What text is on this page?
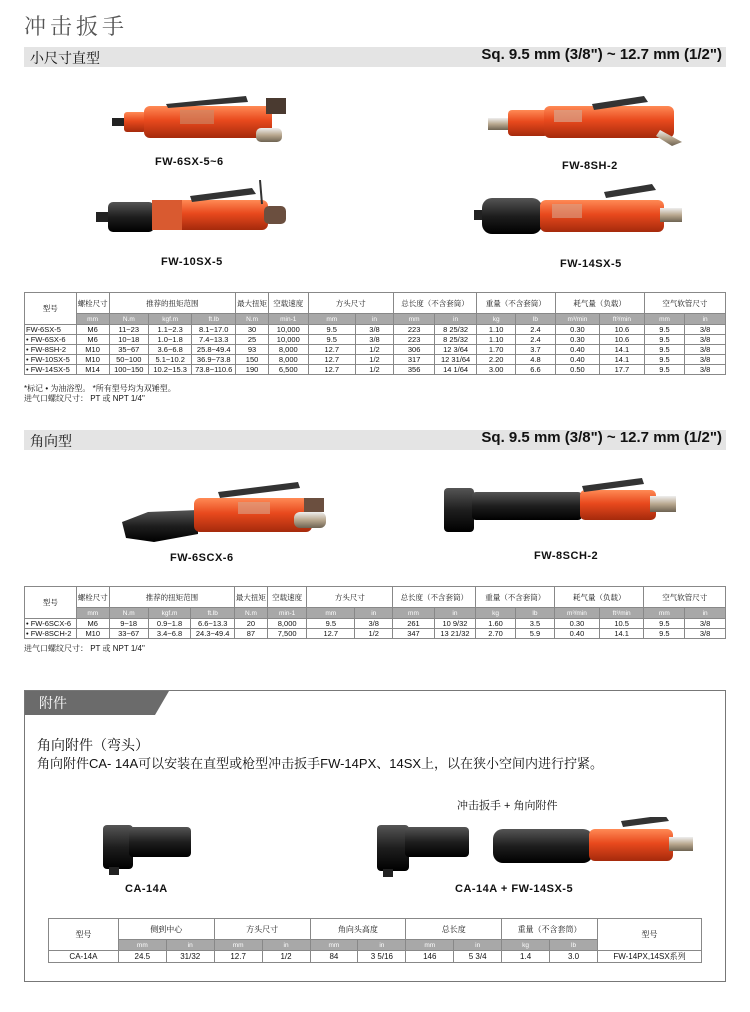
冲击扳手
小尺寸直型	Sq. 9.5 mm (3/8") ~ 12.7 mm (1/2")
FW-6SX-5~6	FW-8SH-2
FW-10SX-5	FW-14SX-5
型号	螺栓尺寸	推荐的扭矩范围			最大扭矩	空载速度	方头尺寸		总长度（不含套筒）		重量（不含套筒）		耗气量（负载）		空气软管尺寸	
	mm	N.m	kgf.m	ft.lb	N.m	min-1	mm	in	mm	in	kg	lb	m³/min	ft³/min	mm	in
FW-6SX-5	M6	11~23	1.1~2.3	8.1~17.0	30	10,000	9.5	3/8	223	8 25/32	1.10	2.4	0.30	10.6	9.5	3/8
• FW-6SX-6	M6	10~18	1.0~1.8	7.4~13.3	25	10,000	9.5	3/8	223	8 25/32	1.10	2.4	0.30	10.6	9.5	3/8
• FW-8SH-2	M10	35~67	3.6~6.8	25.8~49.4	93	8,000	12.7	1/2	306	12 3/64	1.70	3.7	0.40	14.1	9.5	3/8
• FW-10SX-5	M10	50~100	5.1~10.2	36.9~73.8	150	8,000	12.7	1/2	317	12 31/64	2.20	4.8	0.40	14.1	9.5	3/8
• FW-14SX-5	M14	100~150	10.2~15.3	73.8~110.6	190	6,500	12.7	1/2	356	14 1/64	3.00	6.6	0.50	17.7	9.5	3/8
*标记 • 为油浴型。 *所有型号均为双锤型。
进气口螺纹尺寸： PT 或 NPT 1/4"
角向型	Sq. 9.5 mm (3/8") ~ 12.7 mm (1/2")
FW-6SCX-6	FW-8SCH-2
型号	螺栓尺寸	推荐的扭矩范围			最大扭矩	空载速度	方头尺寸		总长度（不含套筒）		重量（不含套筒）		耗气量（负载）		空气软管尺寸	
	mm	N.m	kgf.m	ft.lb	N.m	min-1	mm	in	mm	in	kg	lb	m³/min	ft³/min	mm	in
• FW-6SCX-6	M6	9~18	0.9~1.8	6.6~13.3	20	8,000	9.5	3/8	261	10 9/32	1.60	3.5	0.30	10.5	9.5	3/8
• FW-8SCH-2	M10	33~67	3.4~6.8	24.3~49.4	87	7,500	12.7	1/2	347	13 21/32	2.70	5.9	0.40	14.1	9.5	3/8
进气口螺纹尺寸： PT 或 NPT 1/4"
附件
角向附件（弯头）
角向附件CA- 14A可以安装在直型或枪型冲击扳手FW-14PX、14SX上，以在狭小空间内进行拧紧。
冲击扳手 + 角向附件
CA-14A	CA-14A + FW-14SX-5
型号	侧到中心		方头尺寸		角向头高度		总长度		重量（不含套筒）		型号
	mm	in	mm	in	mm	in	mm	in	kg	lb	
CA-14A	24.5	31/32	12.7	1/2	84	3 5/16	146	5 3/4	1.4	3.0	FW-14PX,14SX系列
